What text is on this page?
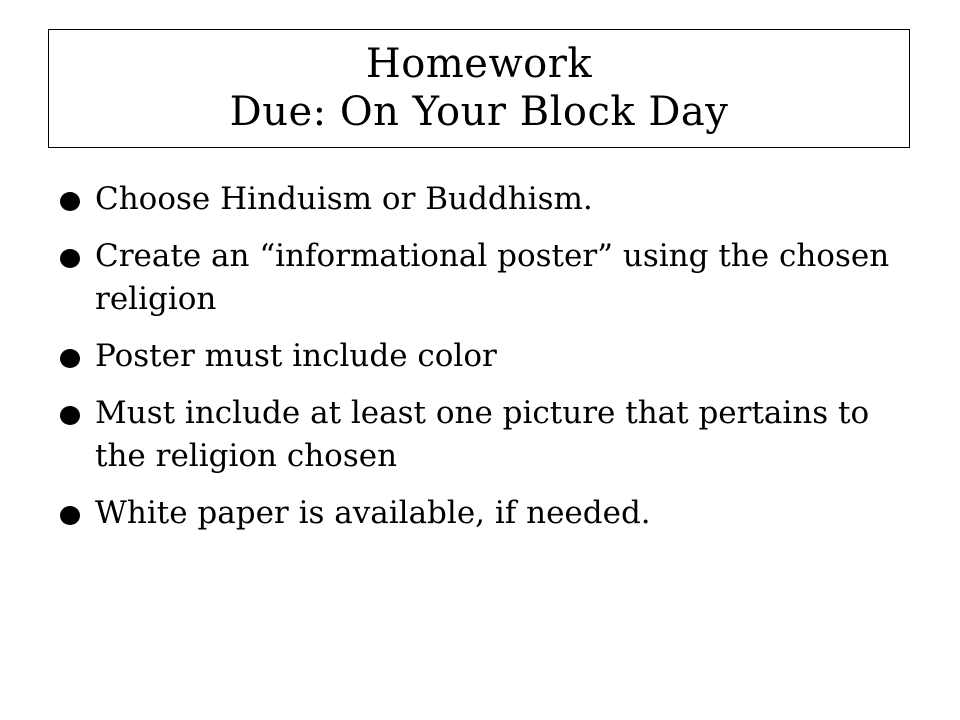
Homework
Due: On Your Block Day
Choose Hinduism or Buddhism.
Create an “informational poster” using the chosen religion
Poster must include color
Must include at least one picture that pertains to the religion chosen
White paper is available, if needed.
